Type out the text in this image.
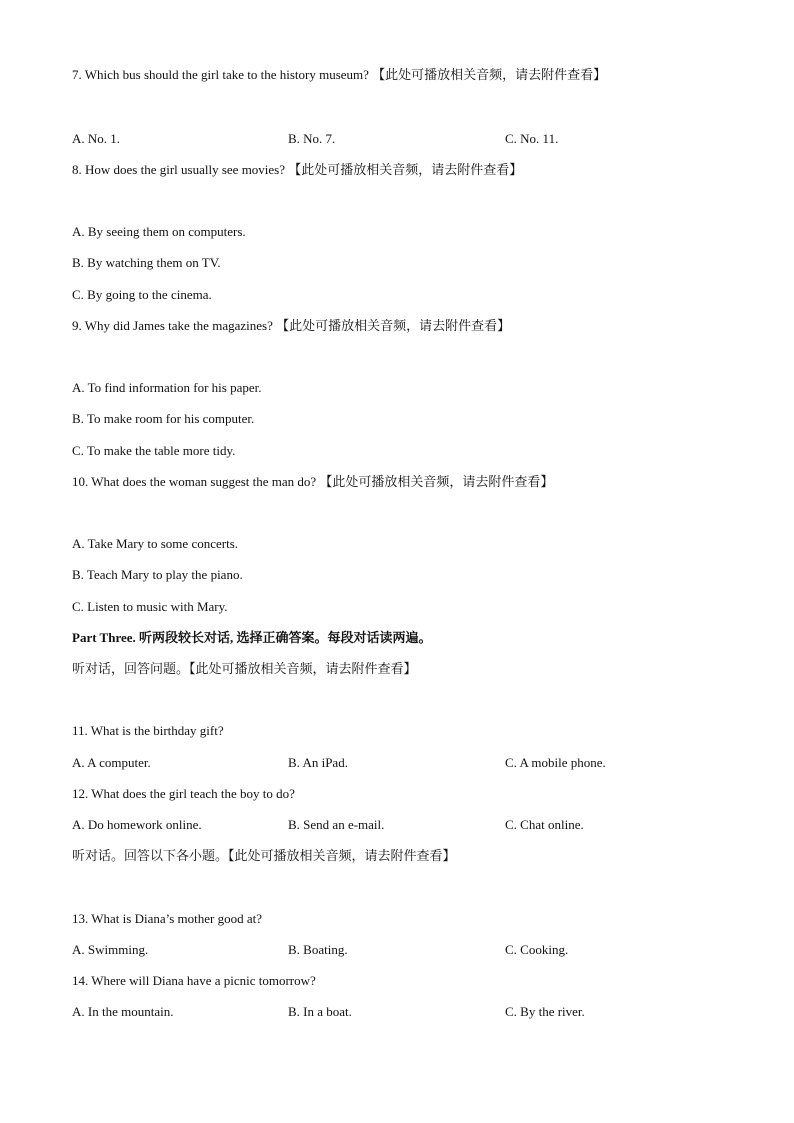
7. Which bus should the girl take to the history museum? 【此处可播放相关音频，请去附件查看】
A. No. 1.	B. No. 7.	C. No. 11.
8. How does the girl usually see movies? 【此处可播放相关音频，请去附件查看】
A. By seeing them on computers.
B. By watching them on TV.
C. By going to the cinema.
9. Why did James take the magazines? 【此处可播放相关音频，请去附件查看】
A. To find information for his paper.
B. To make room for his computer.
C. To make the table more tidy.
10. What does the woman suggest the man do? 【此处可播放相关音频，请去附件查看】
A. Take Mary to some concerts.
B. Teach Mary to play the piano.
C. Listen to music with Mary.
Part Three. 听两段较长对话, 选择正确答案。每段对话读两遍。
听对话，回答问题。【此处可播放相关音频，请去附件查看】
11. What is the birthday gift?
A. A computer.	B. An iPad.	C. A mobile phone.
12. What does the girl teach the boy to do?
A. Do homework online.	B. Send an e-mail.	C. Chat online.
听对话。回答以下各小题。【此处可播放相关音频，请去附件查看】
13. What is Diana’s mother good at?
A. Swimming.	B. Boating.	C. Cooking.
14. Where will Diana have a picnic tomorrow?
A. In the mountain.	B. In a boat.	C. By the river.
